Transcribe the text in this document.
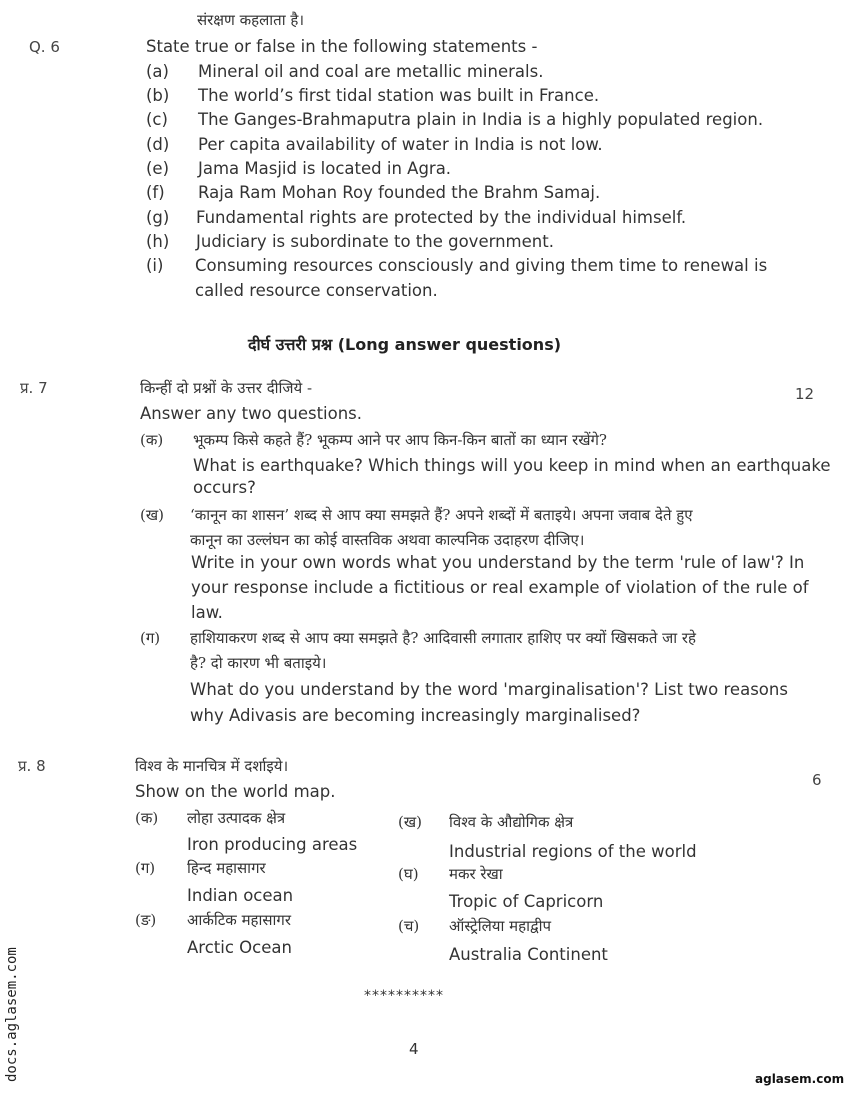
संरक्षण कहलाता है।
Q. 6	State true or false in the following statements -
(a) Mineral oil and coal are metallic minerals.
(b) The world’s first tidal station was built in France.
(c) The Ganges-Brahmaputra plain in India is a highly populated region.
(d) Per capita availability of water in India is not low.
(e) Jama Masjid is located in Agra.
(f) Raja Ram Mohan Roy founded the Brahm Samaj.
(g) Fundamental rights are protected by the individual himself.
(h) Judiciary is subordinate to the government.
(i) Consuming resources consciously and giving them time to renewal is
called resource conservation.
दीर्घ उत्तरी प्रश्न (Long answer questions)
प्र. 7	किन्हीं दो प्रश्नों के उत्तर दीजिये -	12
Answer any two questions.
(क) भूकम्प किसे कहते हैं? भूकम्प आने पर आप किन-किन बातों का ध्यान रखेंगे?
What is earthquake? Which things will you keep in mind when an earthquake
occurs?
(ख) ‘कानून का शासन’ शब्द से आप क्या समझते हैं? अपने शब्दों में बताइये। अपना जवाब देते हुए
कानून का उल्लंघन का कोई वास्तविक अथवा काल्पनिक उदाहरण दीजिए।
Write in your own words what you understand by the term 'rule of law'? In
your response include a fictitious or real example of violation of the rule of
law.
(ग) हाशियाकरण शब्द से आप क्या समझते है? आदिवासी लगातार हाशिए पर क्यों खिसकते जा रहे
है? दो कारण भी बताइये।
What do you understand by the word 'marginalisation'? List two reasons
why Adivasis are becoming increasingly marginalised?
प्र. 8	विश्व के मानचित्र में दर्शाइये।
6
Show on the world map.
(क) लोहा उत्पादक क्षेत्र
Iron producing areas
(ख) विश्व के औद्योगिक क्षेत्र
Industrial regions of the world
(ग) हिन्द महासागर
Indian ocean
(घ) मकर रेखा
Tropic of Capricorn
(ङ) आर्कटिक महासागर
Arctic Ocean
(च) ऑस्ट्रेलिया महाद्वीप
Australia Continent
**********
4
docs.aglasem.com	aglasem.com
